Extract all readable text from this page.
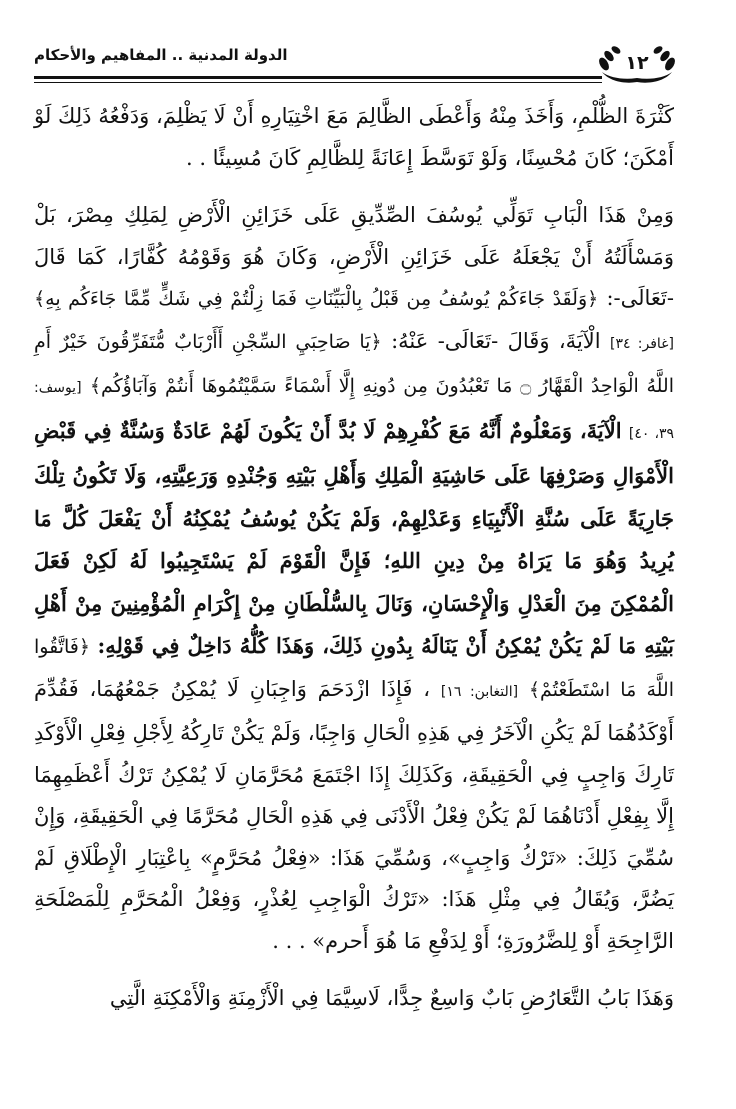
١٢
الدولة المدنية .. المفاهيم والأحكام

كَثْرَةَ الظُّلْمِ، وَأَخَذَ مِنْهُ وَأَعْطَى الظَّالِمَ مَعَ اخْتِيَارِهِ أَنْ لَا يَظْلِمَ، وَدَفْعُهُ ذَلِكَ لَوْ أَمْكَنَ؛ كَانَ مُحْسِنًا، وَلَوْ تَوَسَّطَ إِعَانَةً لِلظَّالِمِ كَانَ مُسِيئًا . .

وَمِنْ هَذَا الْبَابِ تَوَلِّي يُوسُفَ الصِّدِّيقِ عَلَى خَزَائِنِ الْأَرْضِ لِمَلِكِ مِصْرَ، بَلْ وَمَسْأَلَتُهُ أَنْ يَجْعَلَهُ عَلَى خَزَائِنِ الْأَرْضِ، وَكَانَ هُوَ وَقَوْمُهُ كُفَّارًا، كَمَا قَالَ -تَعَالَى-: ﴿وَلَقَدْ جَاءَكُمْ يُوسُفُ مِن قَبْلُ بِالْبَيِّنَاتِ فَمَا زِلْتُمْ فِي شَكٍّ مِّمَّا جَاءَكُم بِهِ﴾ [غافر: ٣٤] الْآيَةَ، وَقَالَ -تَعَالَى- عَنْهُ: ﴿يَا صَاحِبَيِ السِّجْنِ أَأَرْبَابٌ مُّتَفَرِّقُونَ خَيْرٌ أَمِ اللَّهُ الْوَاحِدُ الْقَهَّارُ ۝ مَا تَعْبُدُونَ مِن دُونِهِ إِلَّا أَسْمَاءً سَمَّيْتُمُوهَا أَنتُمْ وَآبَاؤُكُم﴾ [يوسف: ٣٩، ٤٠] الْآيَةَ، وَمَعْلُومٌ أَنَّهُ مَعَ كُفْرِهِمْ لَا بُدَّ أَنْ يَكُونَ لَهُمْ عَادَةٌ وَسُنَّةٌ فِي قَبْضِ الْأَمْوَالِ وَصَرْفِهَا عَلَى حَاشِيَةِ الْمَلِكِ وَأَهْلِ بَيْتِهِ وَجُنْدِهِ وَرَعِيَّتِهِ، وَلَا تَكُونُ تِلْكَ جَارِيَةً عَلَى سُنَّةِ الْأَنْبِيَاءِ وَعَدْلِهِمْ، وَلَمْ يَكُنْ يُوسُفُ يُمْكِنُهُ أَنْ يَفْعَلَ كُلَّ مَا يُرِيدُ وَهُوَ مَا يَرَاهُ مِنْ دِينِ اللهِ؛ فَإِنَّ الْقَوْمَ لَمْ يَسْتَجِيبُوا لَهُ لَكِنْ فَعَلَ الْمُمْكِنَ مِنَ الْعَدْلِ وَالْإِحْسَانِ، وَنَالَ بِالسُّلْطَانِ مِنْ إِكْرَامِ الْمُؤْمِنِينَ مِنْ أَهْلِ بَيْتِهِ مَا لَمْ يَكُنْ يُمْكِنُ أَنْ يَنَالَهُ بِدُونِ ذَلِكَ، وَهَذَا كُلُّهُ دَاخِلٌ فِي قَوْلِهِ: ﴿فَاتَّقُوا اللَّهَ مَا اسْتَطَعْتُمْ﴾ [التغابن: ١٦] ، فَإِذَا ازْدَحَمَ وَاجِبَانِ لَا يُمْكِنُ جَمْعُهُمَا، فَقُدِّمَ أَوْكَدُهُمَا لَمْ يَكُنِ الْآخَرُ فِي هَذِهِ الْحَالِ وَاجِبًا، وَلَمْ يَكُنْ تَارِكُهُ لِأَجْلِ فِعْلِ الْأَوْكَدِ تَارِكَ وَاجِبٍ فِي الْحَقِيقَةِ، وَكَذَلِكَ إِذَا اجْتَمَعَ مُحَرَّمَانِ لَا يُمْكِنُ تَرْكُ أَعْظَمِهِمَا إِلَّا بِفِعْلِ أَدْنَاهُمَا لَمْ يَكُنْ فِعْلُ الْأَدْنَى فِي هَذِهِ الْحَالِ مُحَرَّمًا فِي الْحَقِيقَةِ، وَإِنْ سُمِّيَ ذَلِكَ: «تَرْكُ وَاجِبٍ»، وَسُمِّيَ هَذَا: «فِعْلُ مُحَرَّمٍ» بِاعْتِبَارِ الْإِطْلَاقِ لَمْ يَضُرَّ، وَيُقَالُ فِي مِثْلِ هَذَا: «تَرْكُ الْوَاجِبِ لِعُذْرٍ، وَفِعْلُ الْمُحَرَّمِ لِلْمَصْلَحَةِ الرَّاجِحَةِ أَوْ لِلضَّرُورَةِ؛ أَوْ لِدَفْعِ مَا هُوَ أَحرم» . . .

وَهَذَا بَابُ التَّعَارُضِ بَابٌ وَاسِعٌ جِدًّا، لَاسِيَّمَا فِي الْأَزْمِنَةِ وَالْأَمْكِنَةِ الَّتِي
